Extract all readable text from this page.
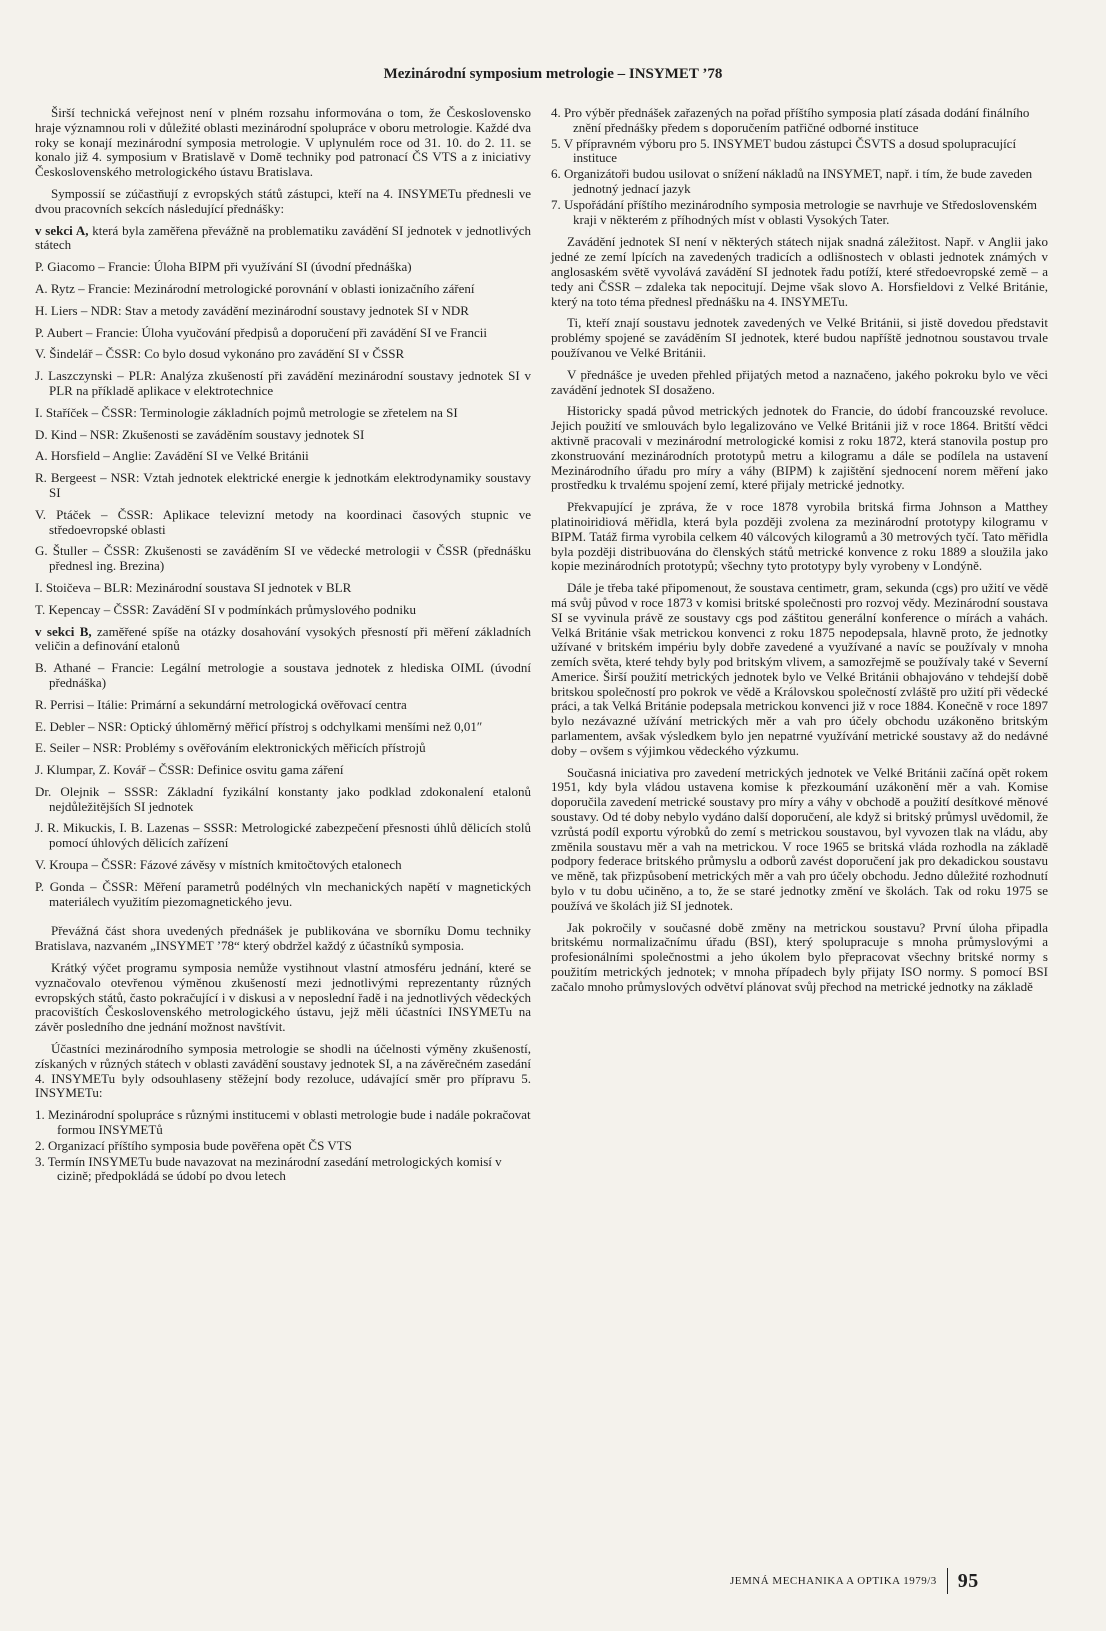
Mezinárodní symposium metrologie – INSYMET ’78

Širší technická veřejnost není v plném rozsahu informována o tom, že Československo hraje významnou roli v důležité oblasti mezinárodní spolupráce v oboru metrologie. Každé dva roky se konají mezinárodní symposia metrologie. V uplynulém roce od 31. 10. do 2. 11. se konalo již 4. symposium v Bratislavě v Domě techniky pod patronací ČS VTS a z iniciativy Československého metrologického ústavu Bratislava.

Sympossií se zúčastňují z evropských států zástupci, kteří na 4. INSYMETu přednesli ve dvou pracovních sekcích následující přednášky:

v sekci A, která byla zaměřena převážně na problematiku zavádění SI jednotek v jednotlivých státech

P. Giacomo – Francie: Úloha BIPM při využívání SI (úvodní přednáška)

A. Rytz – Francie: Mezinárodní metrologické porovnání v oblasti ionizačního záření

H. Liers – NDR: Stav a metody zavádění mezinárodní soustavy jednotek SI v NDR

P. Aubert – Francie: Úloha vyučování předpisů a doporučení při zavádění SI ve Francii

V. Šindelář – ČSSR: Co bylo dosud vykonáno pro zavádění SI v ČSSR

J. Laszczynski – PLR: Analýza zkušeností při zavádění mezinárodní soustavy jednotek SI v PLR na příkladě aplikace v elektrotechnice

I. Staříček – ČSSR: Terminologie základních pojmů metrologie se zřetelem na SI

D. Kind – NSR: Zkušenosti se zaváděním soustavy jednotek SI

A. Horsfield – Anglie: Zavádění SI ve Velké Británii

R. Bergeest – NSR: Vztah jednotek elektrické energie k jednotkám elektrodynamiky soustavy SI

V. Ptáček – ČSSR: Aplikace televizní metody na koordinaci časových stupnic ve středoevropské oblasti

G. Štuller – ČSSR: Zkušenosti se zaváděním SI ve vědecké metrologii v ČSSR (přednášku přednesl ing. Brezina)

I. Stoičeva – BLR: Mezinárodní soustava SI jednotek v BLR

T. Kepencay – ČSSR: Zavádění SI v podmínkách průmyslového podniku

v sekci B, zaměřené spíše na otázky dosahování vysokých přesností při měření základních veličin a definování etalonů

B. Athané – Francie: Legální metrologie a soustava jednotek z hlediska OIML (úvodní přednáška)

R. Perrisi – Itálie: Primární a sekundární metrologická ověřovací centra

E. Debler – NSR: Optický úhloměrný měřicí přístroj s odchylkami menšími než 0,01″

E. Seiler – NSR: Problémy s ověřováním elektronických měřicích přístrojů

J. Klumpar, Z. Kovář – ČSSR: Definice osvitu gama záření

Dr. Olejnik – SSSR: Základní fyzikální konstanty jako podklad zdokonalení etalonů nejdůležitějších SI jednotek

J. R. Mikuckis, I. B. Lazenas – SSSR: Metrologické zabezpečení přesnosti úhlů dělicích stolů pomocí úhlových dělicích zařízení

V. Kroupa – ČSSR: Fázové závěsy v místních kmitočtových etalonech

P. Gonda – ČSSR: Měření parametrů podélných vln mechanických napětí v magnetických materiálech využitím piezomagnetického jevu.

Převážná část shora uvedených přednášek je publikována ve sborníku Domu techniky Bratislava, nazvaném „INSYMET ’78“ který obdržel každý z účastníků symposia.

Krátký výčet programu symposia nemůže vystihnout vlastní atmosféru jednání, které se vyznačovalo otevřenou výměnou zkušeností mezi jednotlivými reprezentanty různých evropských států, často pokračující i v diskusi a v neposlední řadě i na jednotlivých vědeckých pracovištích Československého metrologického ústavu, jejž měli účastníci INSYMETu na závěr posledního dne jednání možnost navštívit.

Účastníci mezinárodního symposia metrologie se shodli na účelnosti výměny zkušeností, získaných v různých státech v oblasti zavádění soustavy jednotek SI, a na závěrečném zasedání 4. INSYMETu byly odsouhlaseny stěžejní body rezoluce, udávající směr pro přípravu 5. INSYMETu:

1. Mezinárodní spolupráce s různými institucemi v oblasti metrologie bude i nadále pokračovat formou INSYMETů
2. Organizací příštího symposia bude pověřena opět ČS VTS
3. Termín INSYMETu bude navazovat na mezinárodní zasedání metrologických komisí v cizině; předpokládá se údobí po dvou letech
4. Pro výběr přednášek zařazených na pořad příštího symposia platí zásada dodání finálního znění přednášky předem s doporučením patřičné odborné instituce
5. V přípravném výboru pro 5. INSYMET budou zástupci ČSVTS a dosud spolupracující instituce
6. Organizátoři budou usilovat o snížení nákladů na INSYMET, např. i tím, že bude zaveden jednotný jednací jazyk
7. Uspořádání příštího mezinárodního symposia metrologie se navrhuje ve Středoslovenském kraji v některém z příhodných míst v oblasti Vysokých Tater.

Zavádění jednotek SI není v některých státech nijak snadná záležitost. Např. v Anglii jako jedné ze zemí lpících na zavedených tradicích a odlišnostech v oblasti jednotek známých v anglosaském světě vyvolává zavádění SI jednotek řadu potíží, které středoevropské země – a tedy ani ČSSR – zdaleka tak nepocitují. Dejme však slovo A. Horsfieldovi z Velké Británie, který na toto téma přednesl přednášku na 4. INSYMETu.

Ti, kteří znají soustavu jednotek zavedených ve Velké Británii, si jistě dovedou představit problémy spojené se zaváděním SI jednotek, které budou napříště jednotnou soustavou trvale používanou ve Velké Británii.

V přednášce je uveden přehled přijatých metod a naznačeno, jakého pokroku bylo ve věci zavádění jednotek SI dosaženo.

Historicky spadá původ metrických jednotek do Francie, do údobí francouzské revoluce. Jejich použití ve smlouvách bylo legalizováno ve Velké Británii již v roce 1864. Britští vědci aktivně pracovali v mezinárodní metrologické komisi z roku 1872, která stanovila postup pro zkonstruování mezinárodních prototypů metru a kilogramu a dále se podílela na ustavení Mezinárodního úřadu pro míry a váhy (BIPM) k zajištění sjednocení norem měření jako prostředku k trvalému spojení zemí, které přijaly metrické jednotky.

Překvapující je zpráva, že v roce 1878 vyrobila britská firma Johnson a Matthey platinoiridiová měřidla, která byla později zvolena za mezinárodní prototypy kilogramu v BIPM. Tatáž firma vyrobila celkem 40 válcových kilogramů a 30 metrových tyčí. Tato měřidla byla později distribuována do členských států metrické konvence z roku 1889 a sloužila jako kopie mezinárodních prototypů; všechny tyto prototypy byly vyrobeny v Londýně.

Dále je třeba také připomenout, že soustava centimetr, gram, sekunda (cgs) pro užití ve vědě má svůj původ v roce 1873 v komisi britské společnosti pro rozvoj vědy. Mezinárodní soustava SI se vyvinula právě ze soustavy cgs pod záštitou generální konference o mírách a vahách. Velká Británie však metrickou konvenci z roku 1875 nepodepsala, hlavně proto, že jednotky užívané v britském impériu byly dobře zavedené a využívané a navíc se používaly v mnoha zemích světa, které tehdy byly pod britským vlivem, a samozřejmě se používaly také v Severní Americe. Širší použití metrických jednotek bylo ve Velké Británii obhajováno v tehdejší době britskou společností pro pokrok ve vědě a Královskou společností zvláště pro užití při vědecké práci, a tak Velká Británie podepsala metrickou konvenci již v roce 1884. Konečně v roce 1897 bylo nezávazné užívání metrických měr a vah pro účely obchodu uzákoněno britským parlamentem, avšak výsledkem bylo jen nepatrné využívání metrické soustavy až do nedávné doby – ovšem s výjimkou vědeckého výzkumu.

Současná iniciativa pro zavedení metrických jednotek ve Velké Británii začíná opět rokem 1951, kdy byla vládou ustavena komise k přezkoumání uzákonění měr a vah. Komise doporučila zavedení metrické soustavy pro míry a váhy v obchodě a použití desítkové měnové soustavy. Od té doby nebylo vydáno další doporučení, ale když si britský průmysl uvědomil, že vzrůstá podíl exportu výrobků do zemí s metrickou soustavou, byl vyvozen tlak na vládu, aby změnila soustavu měr a vah na metrickou. V roce 1965 se britská vláda rozhodla na základě podpory federace britského průmyslu a odborů zavést doporučení jak pro dekadickou soustavu ve měně, tak přizpůsobení metrických měr a vah pro účely obchodu. Jedno důležité rozhodnutí bylo v tu dobu učiněno, a to, že se staré jednotky změní ve školách. Tak od roku 1975 se používá ve školách již SI jednotek.

Jak pokročily v současné době změny na metrickou soustavu? První úloha připadla britskému normalizačnímu úřadu (BSI), který spolupracuje s mnoha průmyslovými a profesionálními společnostmi a jeho úkolem bylo přepracovat všechny britské normy s použitím metrických jednotek; v mnoha případech byly přijaty ISO normy. S pomocí BSI začalo mnoho průmyslových odvětví plánovat svůj přechod na metrické jednotky na základě

JEMNÁ MECHANIKA A OPTIKA 1979/3 95
